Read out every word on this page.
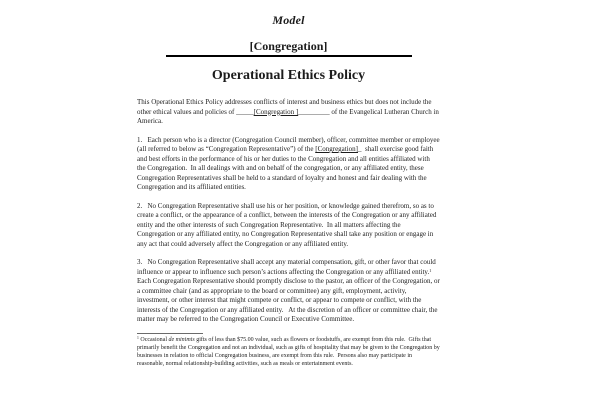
Model
[Congregation]
Operational Ethics Policy

This Operational Ethics Policy addresses conflicts of interest and business ethics but does not include the other ethical values and policies of _____[Congregation ]_________ of the Evangelical Lutheran Church in America.

1.   Each person who is a director (Congregation Council member), officer, committee member or employee (all referred to below as “Congregation Representative”) of the [Congregation]_  shall exercise good faith and best efforts in the performance of his or her duties to the Congregation and all entities affiliated with the Congregation.  In all dealings with and on behalf of the congregation, or any affiliated entity, these Congregation Representatives shall be held to a standard of loyalty and honest and fair dealing with the Congregation and its affiliated entities.

2.   No Congregation Representative shall use his or her position, or knowledge gained therefrom, so as to create a conflict, or the appearance of a conflict, between the interests of the Congregation or any affiliated entity and the other interests of such Congregation Representative.  In all matters affecting the Congregation or any affiliated entity, no Congregation Representative shall take any position or engage in any act that could adversely affect the Congregation or any affiliated entity.

3.   No Congregation Representative shall accept any material compensation, gift, or other favor that could influence or appear to influence such person’s actions affecting the Congregation or any affiliated entity.$^1$  Each Congregation Representative should promptly disclose to the pastor, an officer of the Congregation, or a committee chair (and as appropriate to the board or committee) any gift, employment, activity, investment, or other interest that might compete or conflict, or appear to compete or conflict, with the interests of the Congregation or any affiliated entity.   At the discretion of an officer or committee chair, the matter may be referred to the Congregation Council or Executive Committee.

$^1$ Occasional de minimis gifts of less than $75.00 value, such as flowers or foodstuffs, are exempt from this rule.  Gifts that primarily benefit the Congregation and not an individual, such as gifts of hospitality that may be given to the Congregation by businesses in relation to official Congregation business, are exempt from this rule.  Persons also may participate in reasonable, normal relationship-building activities, such as meals or entertainment events.
